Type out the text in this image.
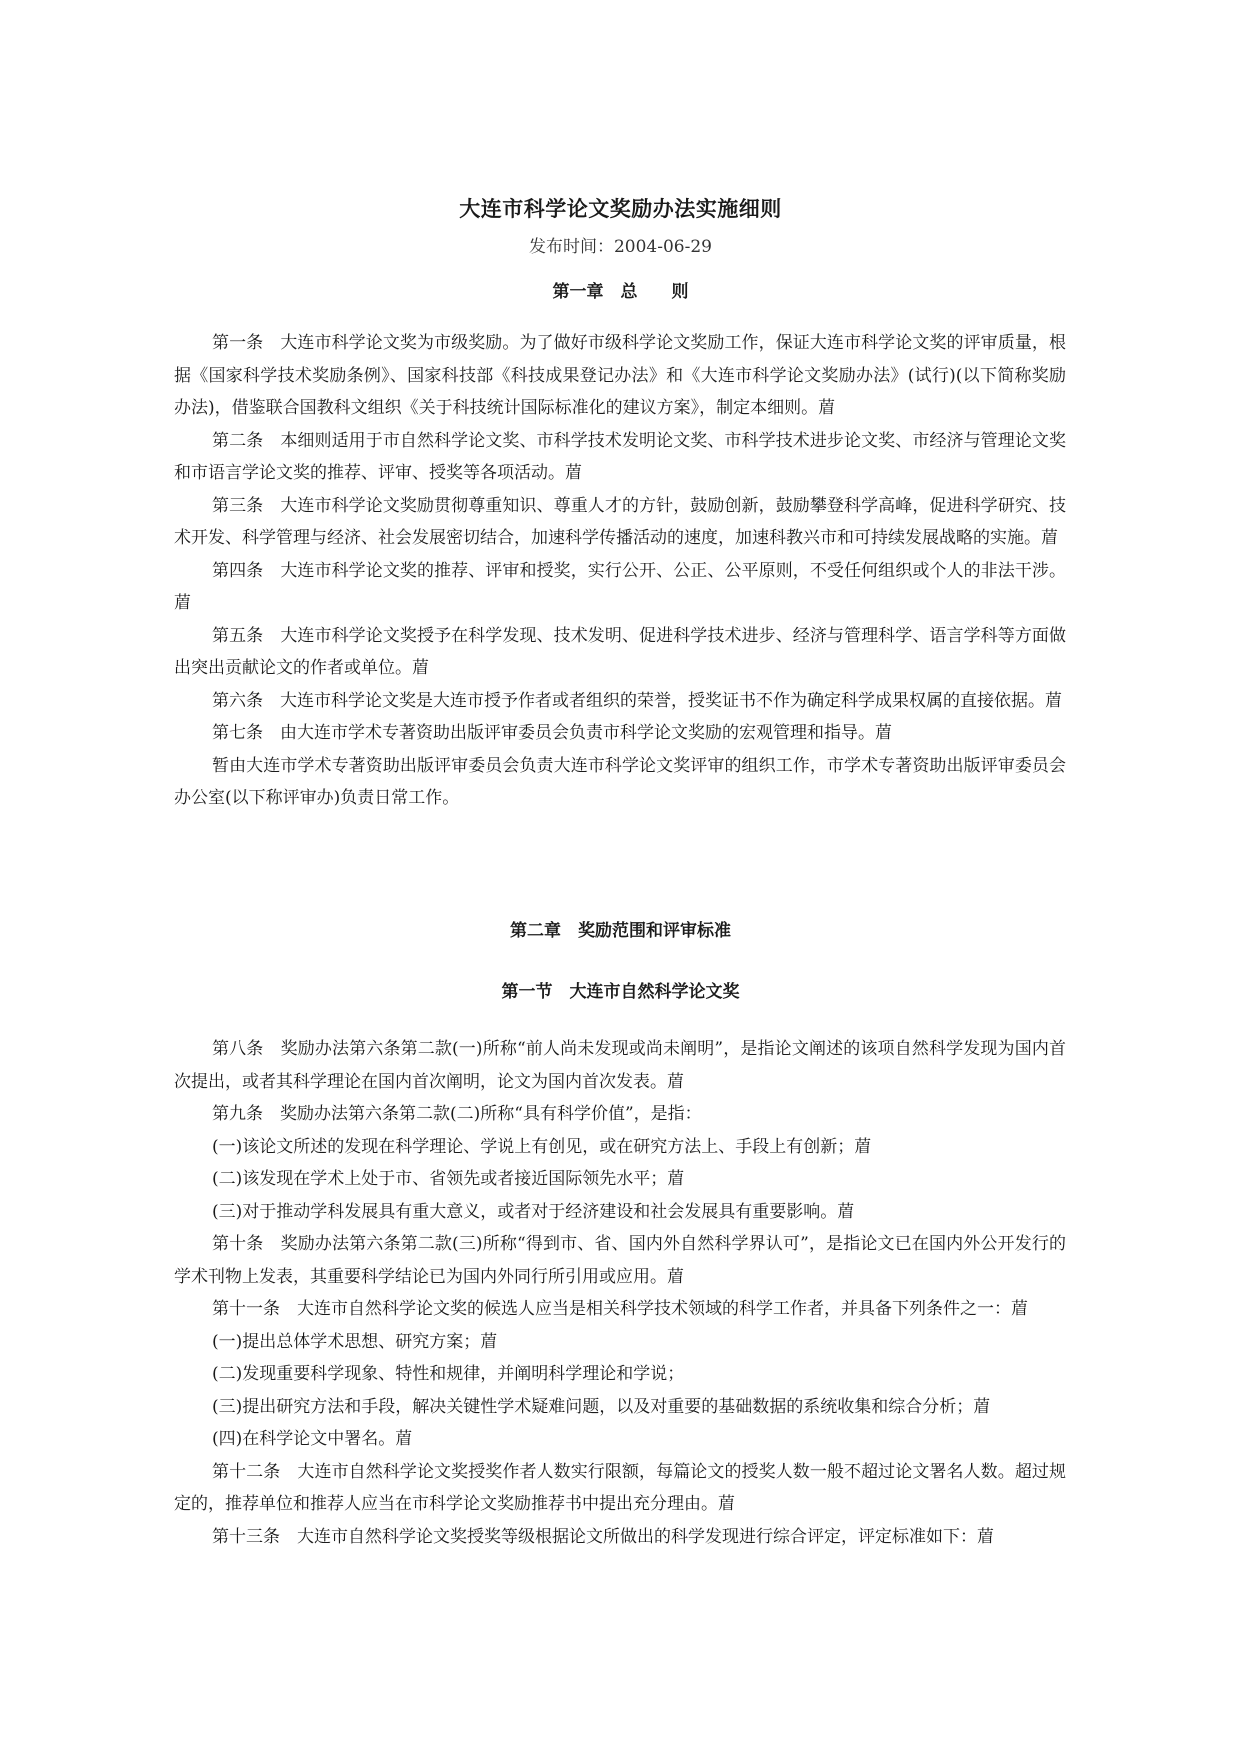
大连市科学论文奖励办法实施细则
发布时间：2004-06-29
第一章　总　　则

第一条　大连市科学论文奖为市级奖励。为了做好市级科学论文奖励工作，保证大连市科学论文奖的评审质量，根据《国家科学技术奖励条例》、国家科技部《科技成果登记办法》和《大连市科学论文奖励办法》(试行)(以下简称奖励办法)，借鉴联合国教科文组织《关于科技统计国际标准化的建议方案》，制定本细则。葿

第二条　本细则适用于市自然科学论文奖、市科学技术发明论文奖、市科学技术进步论文奖、市经济与管理论文奖和市语言学论文奖的推荐、评审、授奖等各项活动。葿

第三条　大连市科学论文奖励贯彻尊重知识、尊重人才的方针，鼓励创新，鼓励攀登科学高峰，促进科学研究、技术开发、科学管理与经济、社会发展密切结合，加速科学传播活动的速度，加速科教兴市和可持续发展战略的实施。葿

第四条　大连市科学论文奖的推荐、评审和授奖，实行公开、公正、公平原则，不受任何组织或个人的非法干涉。葿

第五条　大连市科学论文奖授予在科学发现、技术发明、促进科学技术进步、经济与管理科学、语言学科等方面做出突出贡献论文的作者或单位。葿

第六条　大连市科学论文奖是大连市授予作者或者组织的荣誉，授奖证书不作为确定科学成果权属的直接依据。葿

第七条　由大连市学术专著资助出版评审委员会负责市科学论文奖励的宏观管理和指导。葿

暂由大连市学术专著资助出版评审委员会负责大连市科学论文奖评审的组织工作，市学术专著资助出版评审委员会办公室(以下称评审办)负责日常工作。

第二章　奖励范围和评审标准
第一节　大连市自然科学论文奖

第八条　奖励办法第六条第二款(一)所称“前人尚未发现或尚未阐明”，是指论文阐述的该项自然科学发现为国内首次提出，或者其科学理论在国内首次阐明，论文为国内首次发表。葿

第九条　奖励办法第六条第二款(二)所称“具有科学价值”，是指：

(一)该论文所述的发现在科学理论、学说上有创见，或在研究方法上、手段上有创新；葿

(二)该发现在学术上处于市、省领先或者接近国际领先水平；葿

(三)对于推动学科发展具有重大意义，或者对于经济建设和社会发展具有重要影响。葿

第十条　奖励办法第六条第二款(三)所称“得到市、省、国内外自然科学界认可”，是指论文已在国内外公开发行的学术刊物上发表，其重要科学结论已为国内外同行所引用或应用。葿

第十一条　大连市自然科学论文奖的候选人应当是相关科学技术领域的科学工作者，并具备下列条件之一：葿

(一)提出总体学术思想、研究方案；葿

(二)发现重要科学现象、特性和规律，并阐明科学理论和学说；

(三)提出研究方法和手段，解决关键性学术疑难问题，以及对重要的基础数据的系统收集和综合分析；葿

(四)在科学论文中署名。葿

第十二条　大连市自然科学论文奖授奖作者人数实行限额，每篇论文的授奖人数一般不超过论文署名人数。超过规定的，推荐单位和推荐人应当在市科学论文奖励推荐书中提出充分理由。葿

第十三条　大连市自然科学论文奖授奖等级根据论文所做出的科学发现进行综合评定，评定标准如下：葿
